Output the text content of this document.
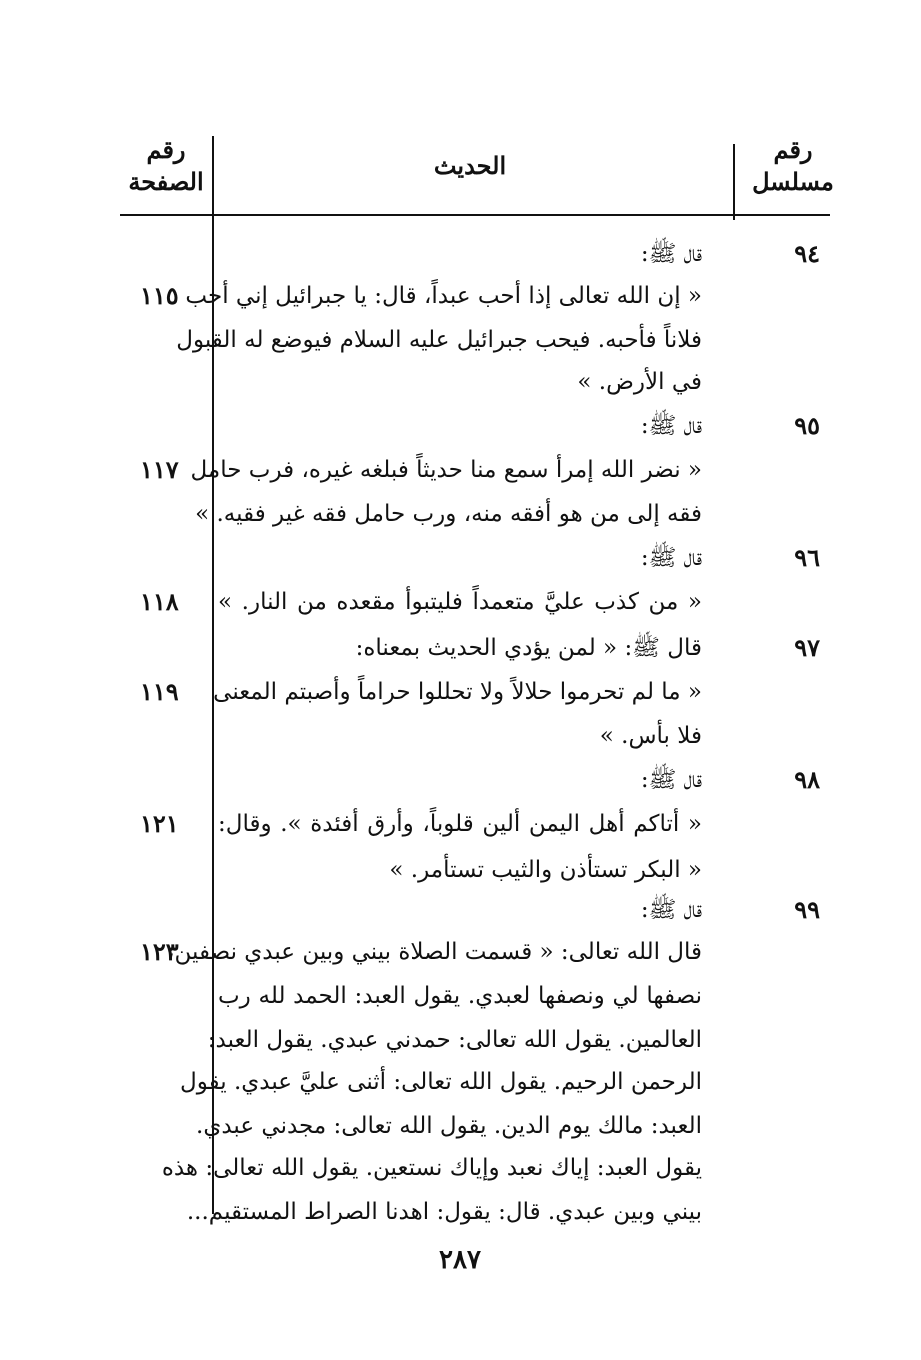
رقم
مسلسل
الحديث
رقم
الصفحة
قال ﷺ:
« إن الله تعالى إذا أحب عبداً، قال: يا جبرائيل إني أحب
فلاناً فأحبه. فيحب جبرائيل عليه السلام فيوضع له القبول
في الأرض. »
قال ﷺ:
« نضر الله إمرأ سمع منا حديثاً فبلغه غيره، فرب حامل
فقه إلى من هو أفقه منه، ورب حامل فقه غير فقيه. »
قال ﷺ:
« من كذب عليَّ متعمداً فليتبوأ مقعده من النار. »
قال ﷺ: « لمن يؤدي الحديث بمعناه:
« ما لم تحرموا حلالاً ولا تحللوا حراماً وأصبتم المعنى
فلا بأس. »
قال ﷺ:
« أتاكم أهل اليمن ألين قلوباً، وأرق أفئدة ». وقال:
« البكر تستأذن والثيب تستأمر. »
قال ﷺ:
قال الله تعالى: « قسمت الصلاة بيني وبين عبدي نصفين،
نصفها لي ونصفها لعبدي. يقول العبد: الحمد لله رب
العالمين. يقول الله تعالى: حمدني عبدي. يقول العبد:
الرحمن الرحيم. يقول الله تعالى: أثنى عليَّ عبدي. يقول
العبد: مالك يوم الدين. يقول الله تعالى: مجدني عبدي.
يقول العبد: إياك نعبد وإياك نستعين. يقول الله تعالى: هذه
بيني وبين عبدي. قال: يقول: اهدنا الصراط المستقيم...
٩٤
٩٥
٩٦
٩٧
٩٨
٩٩
١١٥
١١٧
١١٨
١١٩
١٢١
١٢٣
٢٨٧
